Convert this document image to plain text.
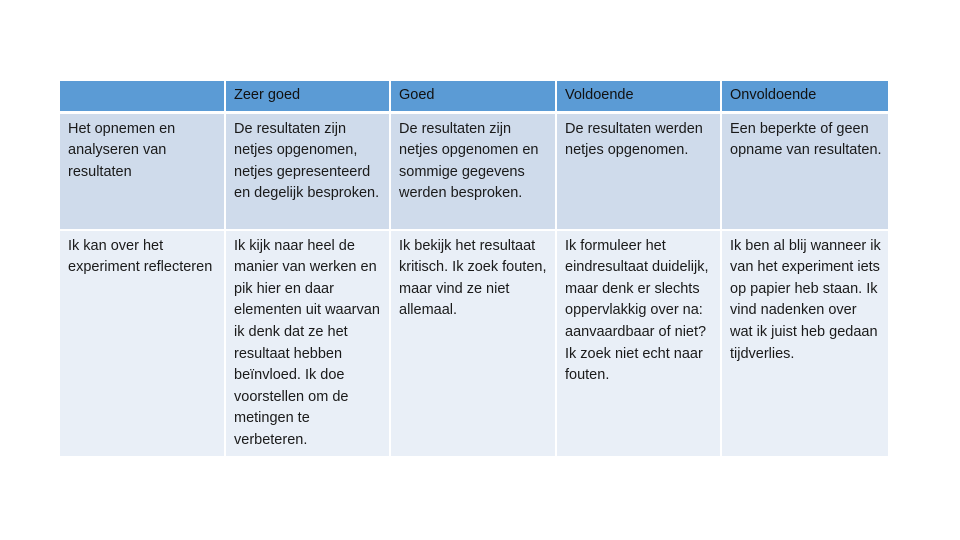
	Zeer goed	Goed	Voldoende	Onvoldoende
Het opnemen en analyseren van resultaten	De resultaten zijn netjes opgenomen, netjes gepresenteerd en degelijk besproken.	De resultaten zijn netjes opgenomen en sommige gegevens werden besproken.	De resultaten werden netjes opgenomen.	Een beperkte of geen opname van resultaten.
Ik kan over het experiment reflecteren	Ik kijk naar heel de manier van werken en pik hier en daar elementen uit waarvan ik denk dat ze het resultaat hebben beïnvloed. Ik doe voorstellen om de metingen te verbeteren.	Ik bekijk het resultaat kritisch. Ik zoek fouten, maar vind ze niet allemaal.	Ik formuleer het eindresultaat duidelijk, maar denk er slechts oppervlakkig over na: aanvaardbaar of niet? Ik zoek niet echt naar fouten.	Ik ben al blij wanneer ik van het experiment iets op papier heb staan. Ik vind nadenken over wat ik juist heb gedaan tijdverlies.
